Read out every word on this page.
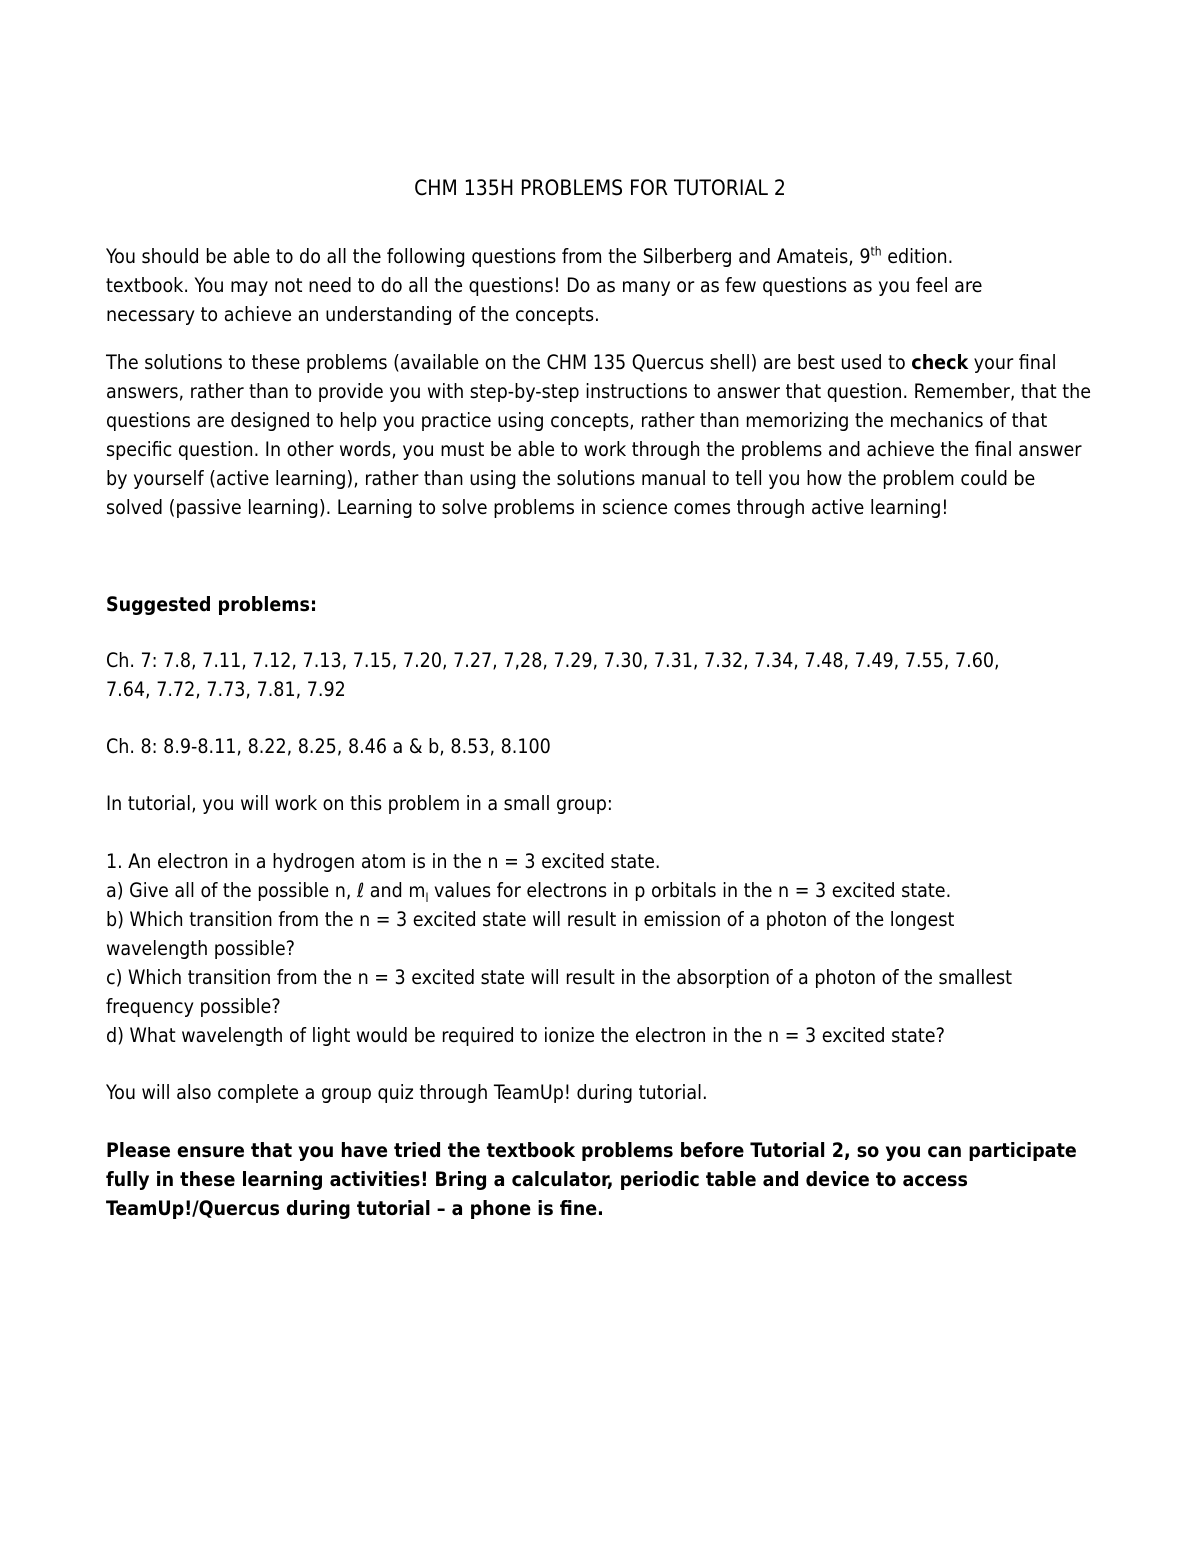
CHM 135H PROBLEMS FOR TUTORIAL 2

You should be able to do all the following questions from the Silberberg and Amateis, 9th edition.

textbook. You may not need to do all the questions! Do as many or as few questions as you feel are

necessary to achieve an understanding of the concepts.

The solutions to these problems (available on the CHM 135 Quercus shell) are best used to check your final answers, rather than to provide you with step-by-step instructions to answer that question. Remember, that the questions are designed to help you practice using concepts, rather than memorizing the mechanics of that specific question. In other words, you must be able to work through the problems and achieve the final answer by yourself (active learning), rather than using the solutions manual to tell you how the problem could be solved (passive learning). Learning to solve problems in science comes through active learning!

Suggested problems:

Ch. 7: 7.8, 7.11, 7.12, 7.13, 7.15, 7.20, 7.27, 7,28, 7.29, 7.30, 7.31, 7.32, 7.34, 7.48, 7.49, 7.55, 7.60,

7.64, 7.72, 7.73, 7.81, 7.92

Ch. 8: 8.9-8.11, 8.22, 8.25, 8.46 a & b, 8.53, 8.100
In tutorial, you will work on this problem in a small group:

1. An electron in a hydrogen atom is in the n = 3 excited state.

a) Give all of the possible n, ℓ and $m_l$ values for electrons in p orbitals in the n = 3 excited state.

b) Which transition from the n = 3 excited state will result in emission of a photon of the longest

wavelength possible?

c) Which transition from the n = 3 excited state will result in the absorption of a photon of the smallest

frequency possible?

d) What wavelength of light would be required to ionize the electron in the n = 3 excited state?

You will also complete a group quiz through TeamUp! during tutorial.

Please ensure that you have tried the textbook problems before Tutorial 2, so you can participate

fully in these learning activities! Bring a calculator, periodic table and device to access

TeamUp!/Quercus during tutorial – a phone is fine.
